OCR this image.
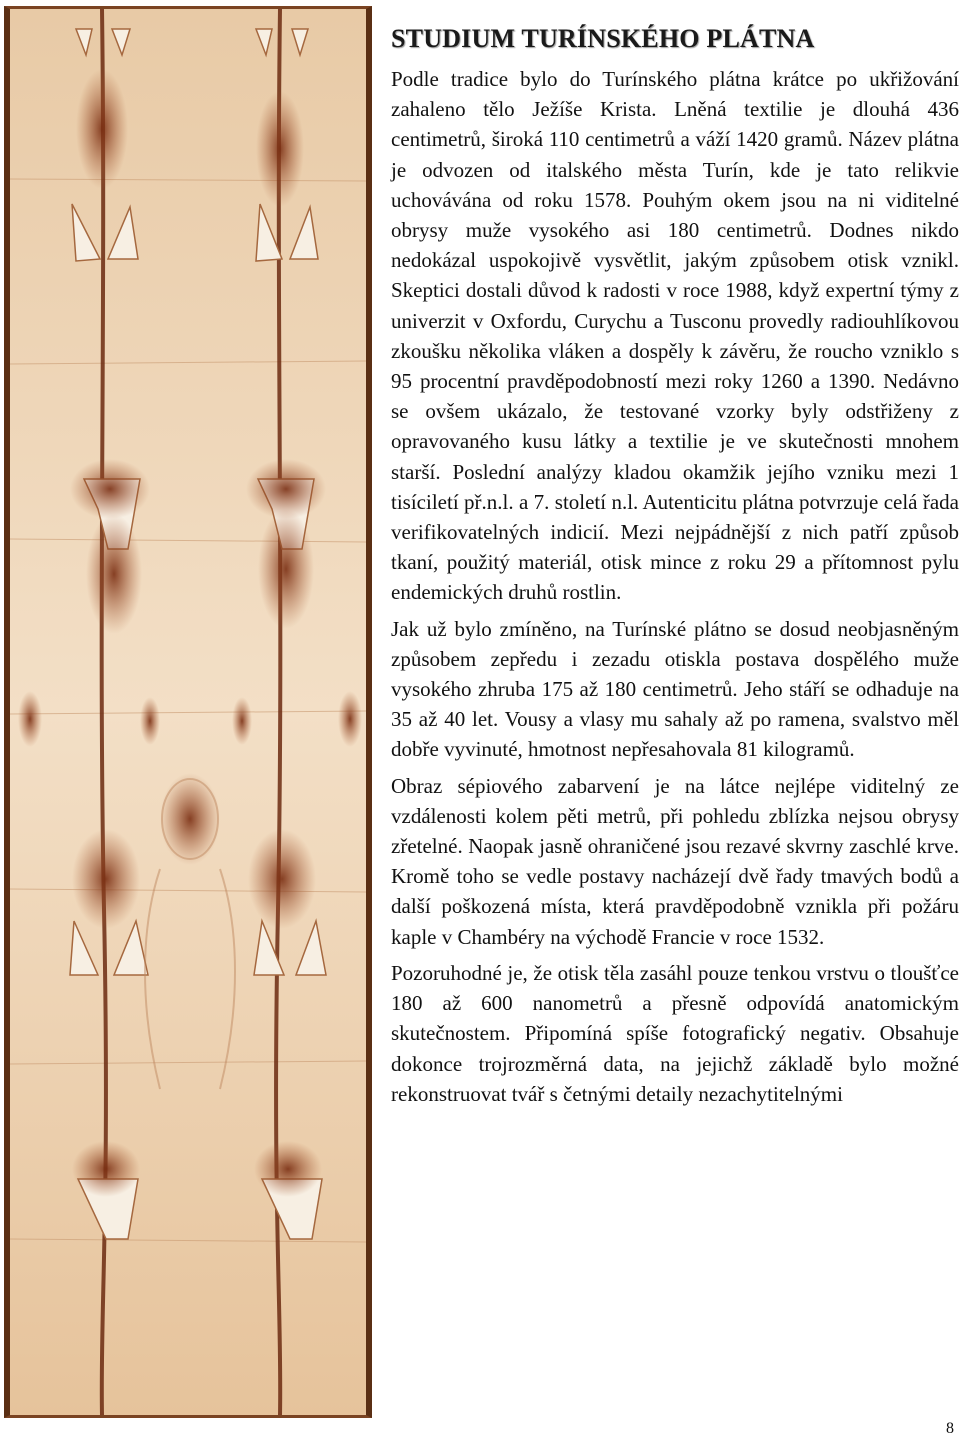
STUDIUM TURÍNSKÉHO PLÁTNA

Podle tradice bylo do Turínského plátna krátce po ukřižování zahaleno tělo Ježíše Krista. Lněná textilie je dlouhá 436 centimetrů, široká 110 centimetrů a váží 1420 gramů. Název plátna je odvozen od italského města Turín, kde je tato relikvie uchovávána od roku 1578. Pouhým okem jsou na ni viditelné obrysy muže vysokého asi 180 centimetrů. Dodnes nikdo nedokázal uspokojivě vysvětlit, jakým způsobem otisk vznikl. Skeptici dostali důvod k radosti v roce 1988, když expertní týmy z univerzit v Oxfordu, Curychu a Tusconu provedly radiouhlíkovou zkoušku několika vláken a dospěly k závěru, že roucho vzniklo s 95 procentní pravděpodobností mezi roky 1260 a 1390. Nedávno se ovšem ukázalo, že testované vzorky byly odstřiženy z opravovaného kusu látky a textilie je ve skutečnosti mnohem starší. Poslední analýzy kladou okamžik jejího vzniku mezi 1 tisíciletí př.n.l. a 7. století n.l. Autenticitu plátna potvrzuje celá řada verifikovatelných indicií. Mezi nejpádnější z nich patří způsob tkaní, použitý materiál, otisk mince z roku 29 a přítomnost pylu endemických druhů rostlin.

Jak už bylo zmíněno, na Turínské plátno se dosud neobjasněným způsobem zepředu i zezadu otiskla postava dospělého muže vysokého zhruba 175 až 180 centimetrů. Jeho stáří se odhaduje na 35 až 40 let. Vousy a vlasy mu sahaly až po ramena, svalstvo měl dobře vyvinuté, hmotnost nepřesahovala 81 kilogramů.

Obraz sépiového zabarvení je na látce nejlépe viditelný ze vzdálenosti kolem pěti metrů, při pohledu zblízka nejsou obrysy zřetelné. Naopak jasně ohraničené jsou rezavé skvrny zaschlé krve. Kromě toho se vedle postavy nacházejí dvě řady tmavých bodů a další poškozená místa, která pravděpodobně vznikla při požáru kaple v Chambéry na východě Francie v roce 1532.

Pozoruhodné je, že otisk těla zasáhl pouze tenkou vrstvu o tloušťce 180 až 600 nanometrů a přesně odpovídá anatomickým skutečnostem. Připomíná spíše fotografický negativ. Obsahuje dokonce trojrozměrná data, na jejichž základě bylo možné rekonstruovat tvář s četnými detaily nezachytitelnými

8
